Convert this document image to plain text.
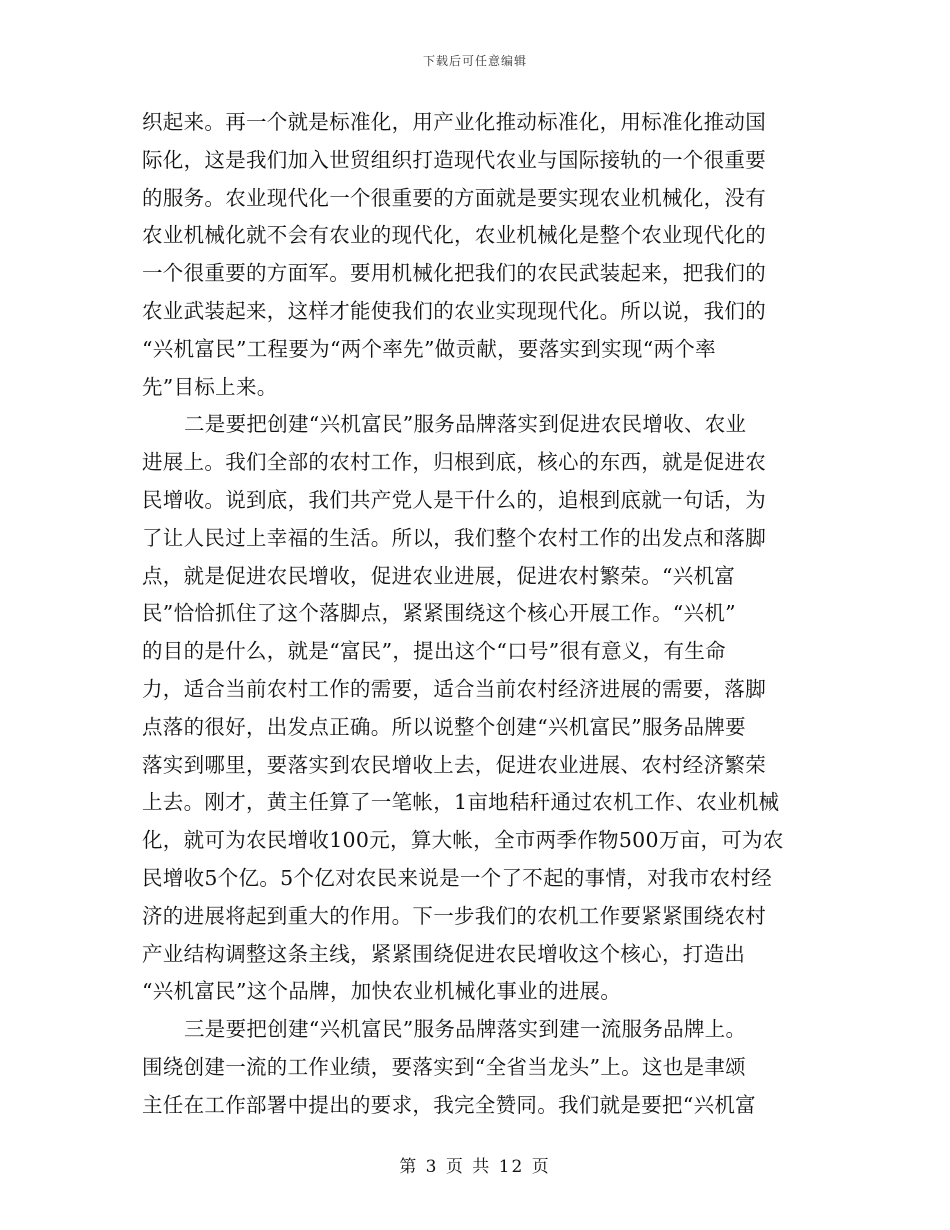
下载后可任意编辑
织起来。再一个就是标准化，用产业化推动标准化，用标准化推动国
际化，这是我们加入世贸组织打造现代农业与国际接轨的一个很重要
的服务。农业现代化一个很重要的方面就是要实现农业机械化，没有
农业机械化就不会有农业的现代化，农业机械化是整个农业现代化的
一个很重要的方面军。要用机械化把我们的农民武装起来，把我们的
农业武装起来，这样才能使我们的农业实现现代化。所以说，我们的
“兴机富民”工程要为“两个率先”做贡献，要落实到实现“两个率
先”目标上来。
二是要把创建“兴机富民”服务品牌落实到促进农民增收、农业
进展上。我们全部的农村工作，归根到底，核心的东西，就是促进农
民增收。说到底，我们共产党人是干什么的，追根到底就一句话，为
了让人民过上幸福的生活。所以，我们整个农村工作的出发点和落脚
点，就是促进农民增收，促进农业进展，促进农村繁荣。“兴机富
民”恰恰抓住了这个落脚点，紧紧围绕这个核心开展工作。“兴机”
的目的是什么，就是“富民”，提出这个“口号”很有意义，有生命
力，适合当前农村工作的需要，适合当前农村经济进展的需要，落脚
点落的很好，出发点正确。所以说整个创建“兴机富民”服务品牌要
落实到哪里，要落实到农民增收上去，促进农业进展、农村经济繁荣
上去。刚才，黄主任算了一笔帐，1亩地秸秆通过农机工作、农业机械
化，就可为农民增收100元，算大帐，全市两季作物500万亩，可为农
民增收5个亿。5个亿对农民来说是一个了不起的事情，对我市农村经
济的进展将起到重大的作用。下一步我们的农机工作要紧紧围绕农村
产业结构调整这条主线，紧紧围绕促进农民增收这个核心，打造出
“兴机富民”这个品牌，加快农业机械化事业的进展。
三是要把创建“兴机富民”服务品牌落实到建一流服务品牌上。
围绕创建一流的工作业绩，要落实到“全省当龙头”上。这也是聿颂
主任在工作部署中提出的要求，我完全赞同。我们就是要把“兴机富
第 3 页 共 12 页
